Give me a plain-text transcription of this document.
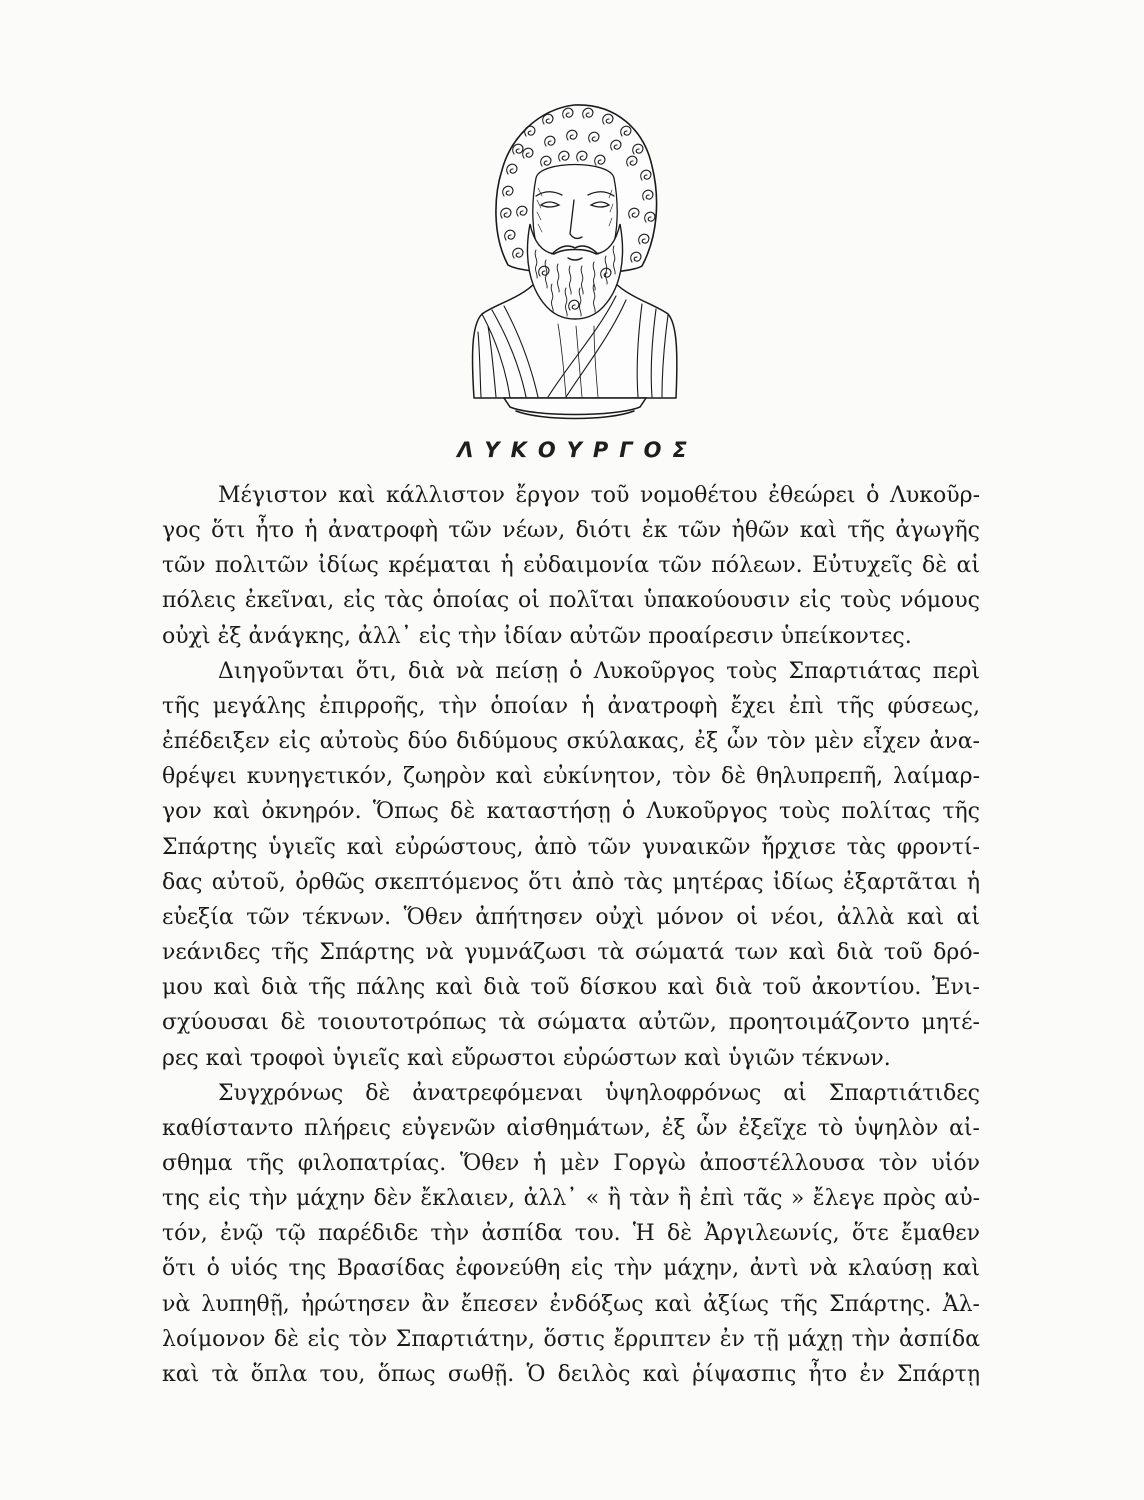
ΛΥΚΟΥΡΓΟΣ
Μέγιστον καὶ κάλλιστον ἔργον τοῦ νομοθέτου ἐθεώρει ὁ Λυκοῦρ-
γος ὅτι ἦτο ἡ ἀνατροφὴ τῶν νέων, διότι ἐκ τῶν ἠθῶν καὶ τῆς ἀγωγῆς
τῶν πολιτῶν ἰδίως κρέμαται ἡ εὐδαιμονία τῶν πόλεων. Εὐτυχεῖς δὲ αἱ
πόλεις ἐκεῖναι, εἰς τὰς ὁποίας οἱ πολῖται ὑπακούουσιν εἰς τοὺς νόμους
οὐχὶ ἐξ ἀνάγκης, ἀλλ᾽ εἰς τὴν ἰδίαν αὐτῶν προαίρεσιν ὑπείκοντες.
Διηγοῦνται ὅτι, διὰ νὰ πείσῃ ὁ Λυκοῦργος τοὺς Σπαρτιάτας περὶ
τῆς μεγάλης ἐπιρροῆς, τὴν ὁποίαν ἡ ἀνατροφὴ ἔχει ἐπὶ τῆς φύσεως,
ἐπέδειξεν εἰς αὐτοὺς δύο διδύμους σκύλακας, ἐξ ὧν τὸν μὲν εἶχεν ἀνα-
θρέψει κυνηγετικόν, ζωηρὸν καὶ εὐκίνητον, τὸν δὲ θηλυπρεπῆ, λαίμαρ-
γον καὶ ὀκνηρόν. Ὅπως δὲ καταστήσῃ ὁ Λυκοῦργος τοὺς πολίτας τῆς
Σπάρτης ὑγιεῖς καὶ εὐρώστους, ἀπὸ τῶν γυναικῶν ἤρχισε τὰς φροντί-
δας αὐτοῦ, ὀρθῶς σκεπτόμενος ὅτι ἀπὸ τὰς μητέρας ἰδίως ἐξαρτᾶται ἡ
εὐεξία τῶν τέκνων. Ὅθεν ἀπήτησεν οὐχὶ μόνον οἱ νέοι, ἀλλὰ καὶ αἱ
νεάνιδες τῆς Σπάρτης νὰ γυμνάζωσι τὰ σώματά των καὶ διὰ τοῦ δρό-
μου καὶ διὰ τῆς πάλης καὶ διὰ τοῦ δίσκου καὶ διὰ τοῦ ἀκοντίου. Ἐνι-
σχύουσαι δὲ τοιουτοτρόπως τὰ σώματα αὐτῶν, προητοιμάζοντο μητέ-
ρες καὶ τροφοὶ ὑγιεῖς καὶ εὔρωστοι εὐρώστων καὶ ὑγιῶν τέκνων.
Συγχρόνως δὲ ἀνατρεφόμεναι ὑψηλοφρόνως αἱ Σπαρτιάτιδες
καθίσταντο πλήρεις εὐγενῶν αἰσθημάτων, ἐξ ὧν ἐξεῖχε τὸ ὑψηλὸν αἰ-
σθημα τῆς φιλοπατρίας. Ὅθεν ἡ μὲν Γοργὼ ἀποστέλλουσα τὸν υἱόν
της εἰς τὴν μάχην δὲν ἔκλαιεν, ἀλλ᾽ « ἢ τὰν ἢ ἐπὶ τᾶς » ἔλεγε πρὸς αὐ-
τόν, ἐνῷ τῷ παρέδιδε τὴν ἀσπίδα του. Ἡ δὲ Ἀργιλεωνίς, ὅτε ἔμαθεν
ὅτι ὁ υἱός της Βρασίδας ἐφονεύθη εἰς τὴν μάχην, ἀντὶ νὰ κλαύσῃ καὶ
νὰ λυπηθῇ, ἠρώτησεν ἂν ἔπεσεν ἐνδόξως καὶ ἀξίως τῆς Σπάρτης. Ἀλ-
λοίμονον δὲ εἰς τὸν Σπαρτιάτην, ὅστις ἔρριπτεν ἐν τῇ μάχῃ τὴν ἀσπίδα
καὶ τὰ ὅπλα του, ὅπως σωθῇ. Ὁ δειλὸς καὶ ῥίψασπις ἦτο ἐν Σπάρτῃ
